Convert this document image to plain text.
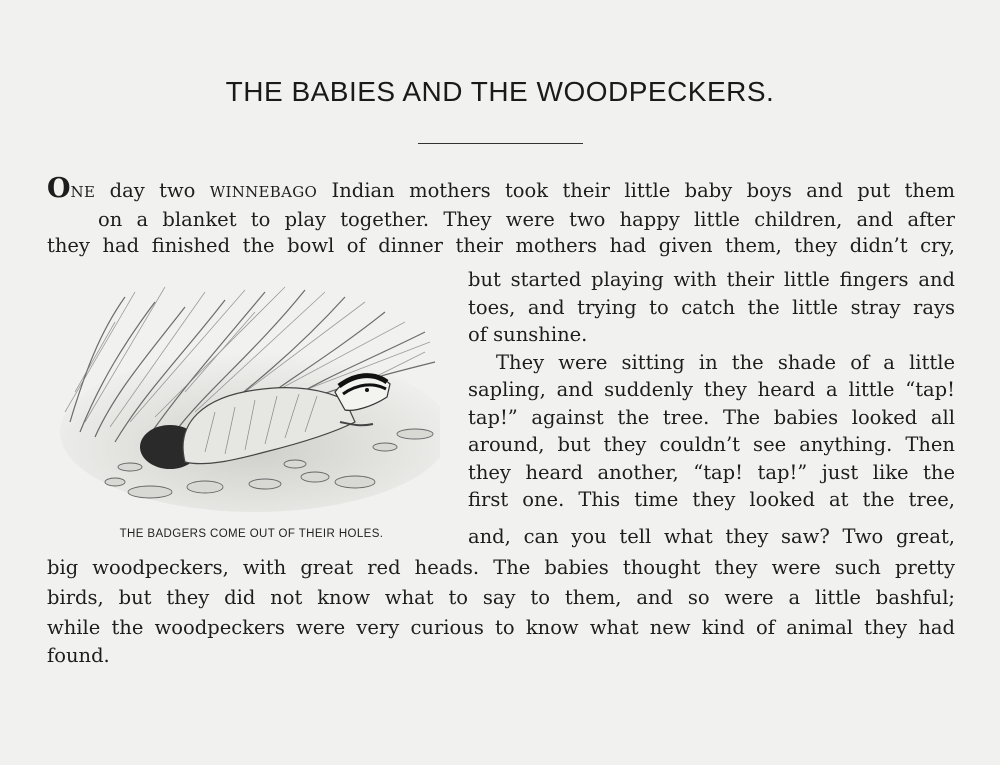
THE BABIES AND THE WOODPECKERS.
ONE day two WINNEBAGO Indian mothers took their little baby boys and put them
on a blanket to play together. They were two happy little children, and after
they had finished the bowl of dinner their mothers had given them, they didn’t cry,
but started playing with their little fingers and
toes, and trying to catch the little stray rays
of sunshine.
They were sitting in the shade of a little
sapling, and suddenly they heard a little “tap!
tap!” against the tree. The babies looked all
around, but they couldn’t see anything. Then
they heard another, “tap! tap!” just like the
first one. This time they looked at the tree,
and, can you tell what they saw? Two great,
big woodpeckers, with great red heads. The babies thought they were such pretty
birds, but they did not know what to say to them, and so were a little bashful;
while the woodpeckers were very curious to know what new kind of animal they had
found.
THE BADGERS COME OUT OF THEIR HOLES.
